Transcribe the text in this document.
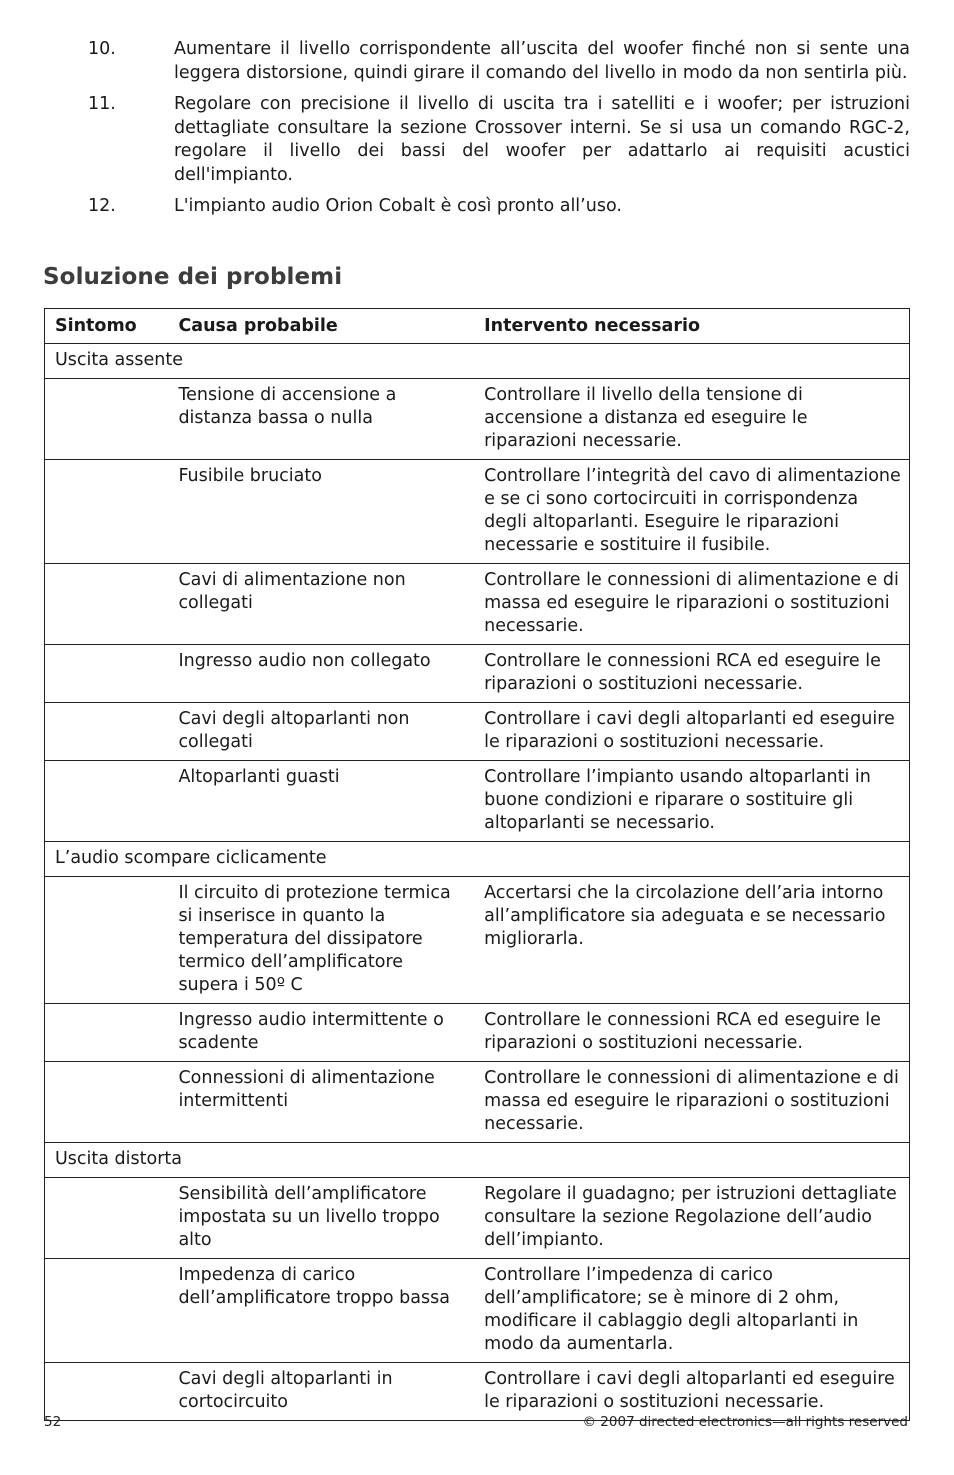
10.	Aumentare il livello corrispondente all’uscita del woofer finché non si sente una leggera distorsione, quindi girare il comando del livello in modo da non sentirla più.
11.	Regolare con precisione il livello di uscita tra i satelliti e i woofer; per istruzioni dettagliate consultare la sezione Crossover interni. Se si usa un comando RGC-2, regolare il livello dei bassi del woofer per adattarlo ai requisiti acustici dell'impianto.
12.	L'impianto audio Orion Cobalt è così pronto all’uso.
Soluzione dei problemi
Sintomo	Causa probabile	Intervento necessario
Uscita assente		
	Tensione di accensione a distanza bassa o nulla	Controllare il livello della tensione di accensione a distanza ed eseguire le riparazioni necessarie.
	Fusibile bruciato	Controllare l’integrità del cavo di alimentazione e se ci sono cortocircuiti in corrispondenza degli altoparlanti. Eseguire le riparazioni necessarie e sostituire il fusibile.
	Cavi di alimentazione non collegati	Controllare le connessioni di alimentazione e di massa ed eseguire le riparazioni o sostituzioni necessarie.
	Ingresso audio non collegato	Controllare le connessioni RCA ed eseguire le riparazioni o sostituzioni necessarie.
	Cavi degli altoparlanti non collegati	Controllare i cavi degli altoparlanti ed eseguire le riparazioni o sostituzioni necessarie.
	Altoparlanti guasti	Controllare l’impianto usando altoparlanti in buone condizioni e riparare o sostituire gli altoparlanti se necessario.
L’audio scompare ciclicamente		
	Il circuito di protezione termica si inserisce in quanto la temperatura del dissipatore termico dell’amplificatore supera i 50º C	Accertarsi che la circolazione dell’aria intorno all’amplificatore sia adeguata e se necessario migliorarla.
	Ingresso audio intermittente o scadente	Controllare le connessioni RCA ed eseguire le riparazioni o sostituzioni necessarie.
	Connessioni di alimentazione intermittenti	Controllare le connessioni di alimentazione e di massa ed eseguire le riparazioni o sostituzioni necessarie.
Uscita distorta		
	Sensibilità dell’amplificatore impostata su un livello troppo alto	Regolare il guadagno; per istruzioni dettagliate consultare la sezione Regolazione dell’audio dell’impianto.
	Impedenza di carico dell’amplificatore troppo bassa	Controllare l’impedenza di carico dell’amplificatore; se è minore di 2 ohm, modificare il cablaggio degli altoparlanti in modo da aumentarla.
	Cavi degli altoparlanti in cortocircuito	Controllare i cavi degli altoparlanti ed eseguire le riparazioni o sostituzioni necessarie.
52	© 2007 directed electronics—all rights reserved
